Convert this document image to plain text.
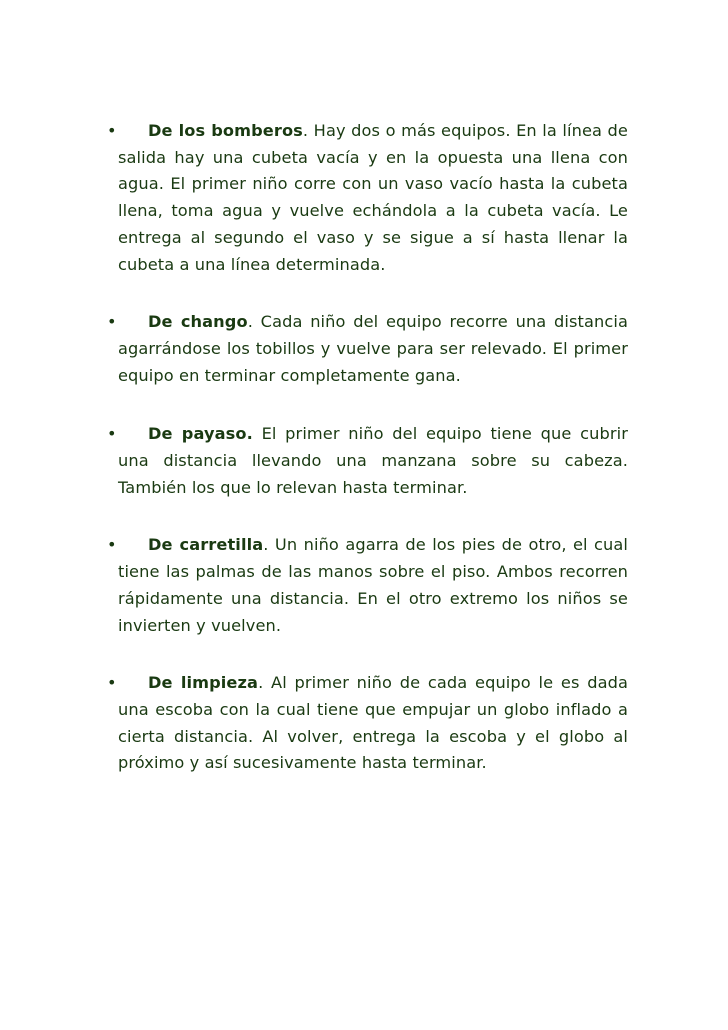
•	De los bomberos. Hay dos o más equipos. En la línea de salida hay una cubeta vacía y en la opuesta una llena con agua. El primer niño corre con un vaso vacío hasta la cubeta llena, toma agua y vuelve echándola a la cubeta vacía. Le entrega al segundo el vaso y se sigue a sí hasta llenar la cubeta a una línea determinada.
•	De chango. Cada niño del equipo recorre una distancia agarrándose los tobillos y vuelve para ser relevado. El primer equipo en terminar completamente gana.
•	De payaso. El primer niño del equipo tiene que cubrir una distancia llevando una manzana sobre su cabeza. También los que lo relevan hasta terminar.
•	De carretilla. Un niño agarra de los pies de otro, el cual tiene las palmas de las manos sobre el piso. Ambos recorren rápidamente una distancia. En el otro extremo los niños se invierten y vuelven.
•	De limpieza. Al primer niño de cada equipo le es dada una escoba con la cual tiene que empujar un globo inflado a cierta distancia. Al volver, entrega la escoba y el globo al próximo y así sucesivamente hasta terminar.
